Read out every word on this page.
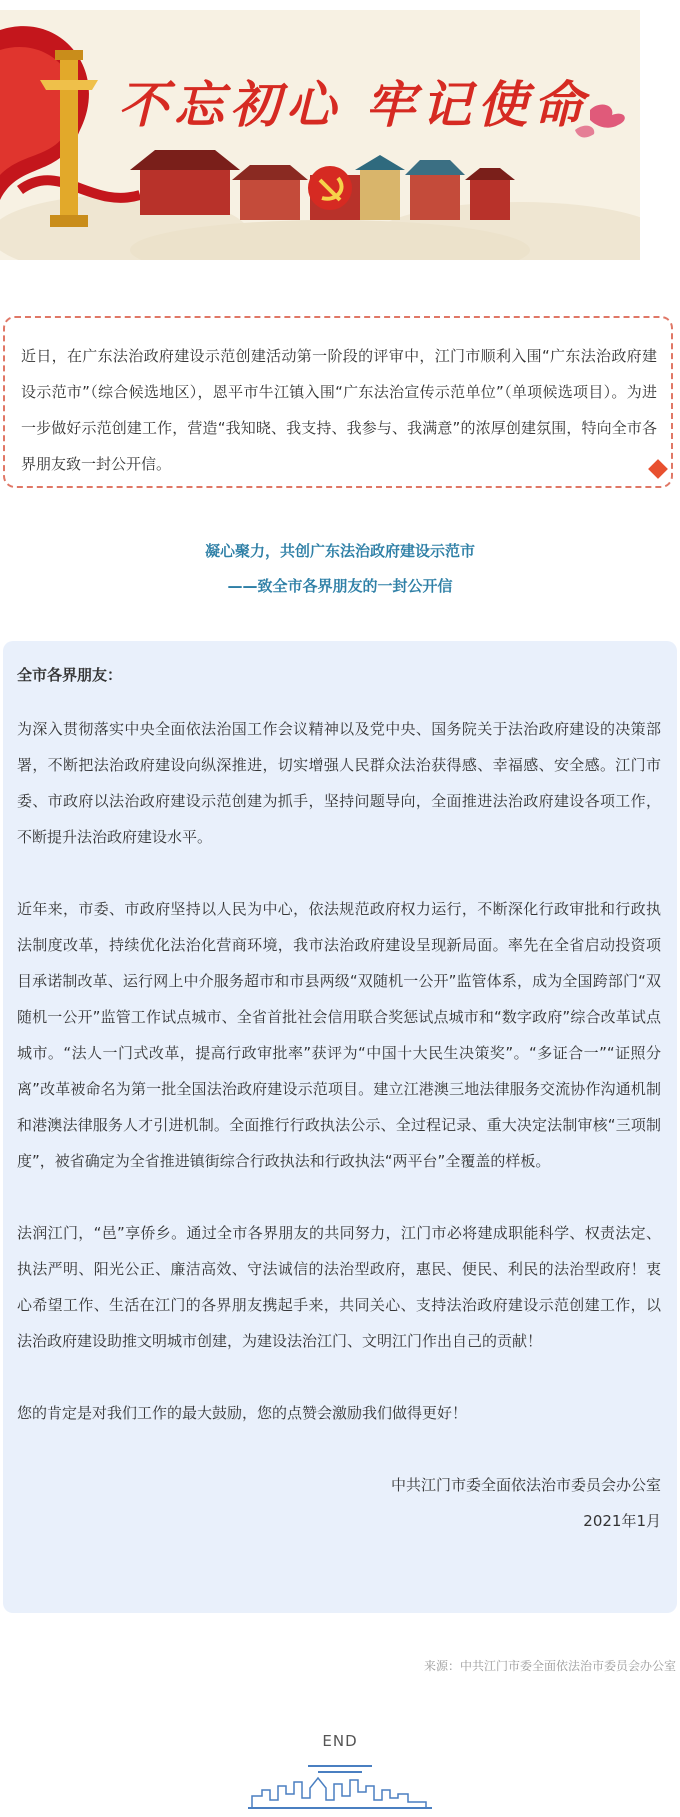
不忘初心 牢记使命
近日，在广东法治政府建设示范创建活动第一阶段的评审中，江门市顺利入围“广东法治政府建设示范市”（综合候选地区），恩平市牛江镇入围“广东法治宣传示范单位”（单项候选项目）。为进一步做好示范创建工作，营造“我知晓、我支持、我参与、我满意”的浓厚创建氛围，特向全市各界朋友致一封公开信。
凝心聚力，共创广东法治政府建设示范市
——致全市各界朋友的一封公开信

全市各界朋友：

为深入贯彻落实中央全面依法治国工作会议精神以及党中央、国务院关于法治政府建设的决策部署，不断把法治政府建设向纵深推进，切实增强人民群众法治获得感、幸福感、安全感。江门市委、市政府以法治政府建设示范创建为抓手，坚持问题导向，全面推进法治政府建设各项工作，不断提升法治政府建设水平。

近年来，市委、市政府坚持以人民为中心，依法规范政府权力运行，不断深化行政审批和行政执法制度改革，持续优化法治化营商环境，我市法治政府建设呈现新局面。率先在全省启动投资项目承诺制改革、运行网上中介服务超市和市县两级“双随机一公开”监管体系，成为全国跨部门“双随机一公开”监管工作试点城市、全省首批社会信用联合奖惩试点城市和“数字政府”综合改革试点城市。“法人一门式改革，提高行政审批率”获评为“中国十大民生决策奖”。“多证合一”“证照分离”改革被命名为第一批全国法治政府建设示范项目。建立江港澳三地法律服务交流协作沟通机制和港澳法律服务人才引进机制。全面推行行政执法公示、全过程记录、重大决定法制审核“三项制度”，被省确定为全省推进镇街综合行政执法和行政执法“两平台”全覆盖的样板。

法润江门，“邑”享侨乡。通过全市各界朋友的共同努力，江门市必将建成职能科学、权责法定、执法严明、阳光公正、廉洁高效、守法诚信的法治型政府，惠民、便民、利民的法治型政府！衷心希望工作、生活在江门的各界朋友携起手来，共同关心、支持法治政府建设示范创建工作，以法治政府建设助推文明城市创建，为建设法治江门、文明江门作出自己的贡献！

您的肯定是对我们工作的最大鼓励，您的点赞会激励我们做得更好！

中共江门市委全面依法治市委员会办公室

2021年1月

来源：中共江门市委全面依法治市委员会办公室
END
